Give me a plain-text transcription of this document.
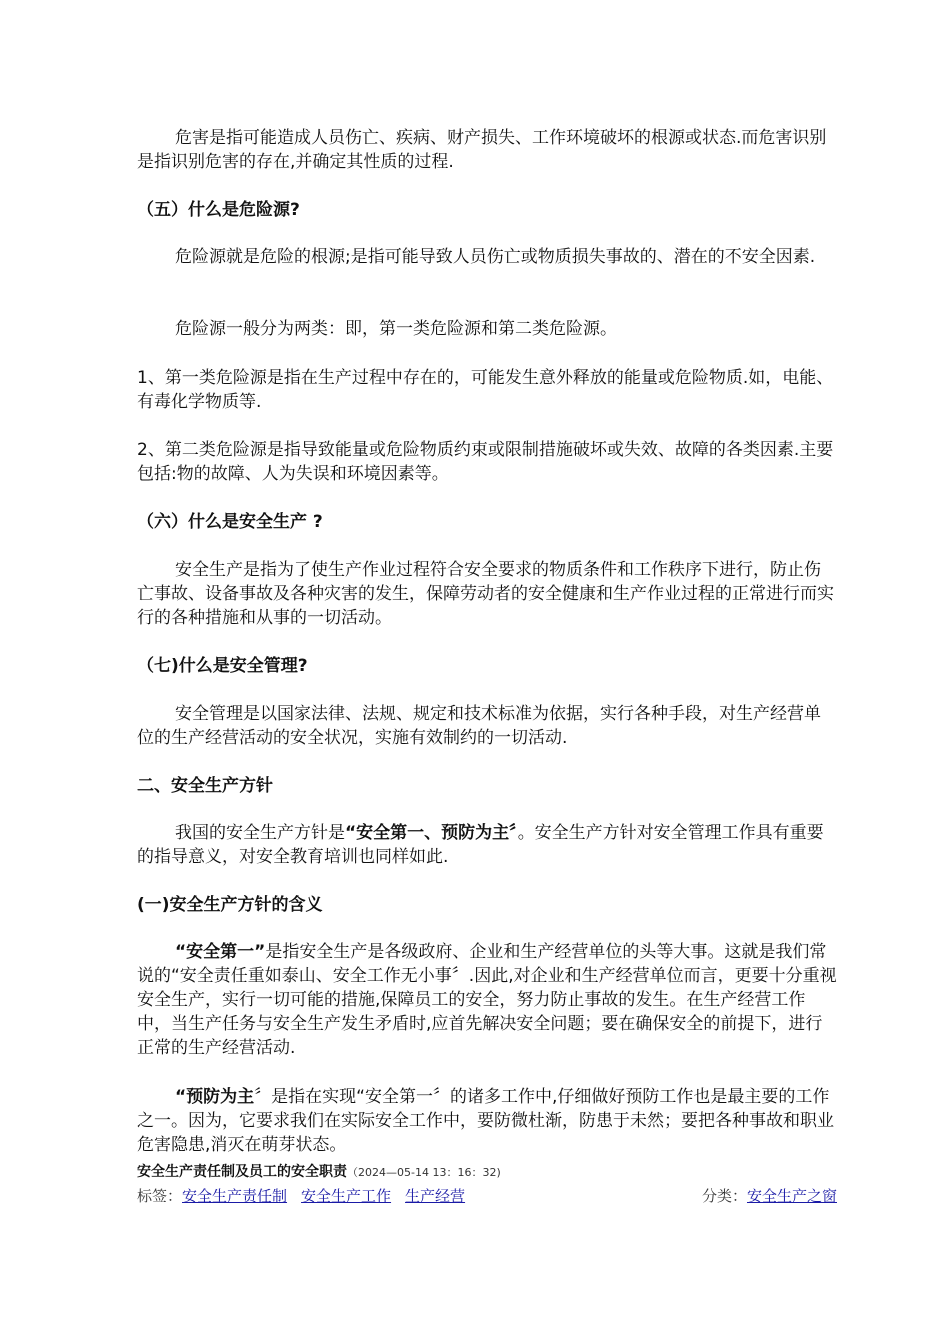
危害是指可能造成人员伤亡、疾病、财产损失、工作环境破坏的根源或状态.而危害识别是指识别危害的存在,并确定其性质的过程.

（五）什么是危险源?

危险源就是危险的根源;是指可能导致人员伤亡或物质损失事故的、潜在的不安全因素.

危险源一般分为两类：即，第一类危险源和第二类危险源。

1、第一类危险源是指在生产过程中存在的，可能发生意外释放的能量或危险物质.如，电能、有毒化学物质等.

2、第二类危险源是指导致能量或危险物质约束或限制措施破坏或失效、故障的各类因素.主要包括:物的故障、人为失误和环境因素等。

（六）什么是安全生产 ?

安全生产是指为了使生产作业过程符合安全要求的物质条件和工作秩序下进行，防止伤亡事故、设备事故及各种灾害的发生，保障劳动者的安全健康和生产作业过程的正常进行而实行的各种措施和从事的一切活动。

（七)什么是安全管理?

安全管理是以国家法律、法规、规定和技术标准为依据，实行各种手段，对生产经营单位的生产经营活动的安全状况，实施有效制约的一切活动.

二、安全生产方针

我国的安全生产方针是“安全第一、预防为主〞。安全生产方针对安全管理工作具有重要的指导意义，对安全教育培训也同样如此.

(一)安全生产方针的含义

“安全第一”是指安全生产是各级政府、企业和生产经营单位的头等大事。这就是我们常说的“安全责任重如泰山、安全工作无小事〞.因此,对企业和生产经营单位而言，更要十分重视安全生产，实行一切可能的措施,保障员工的安全，努力防止事故的发生。在生产经营工作中，当生产任务与安全生产发生矛盾时,应首先解决安全问题；要在确保安全的前提下，进行正常的生产经营活动.

“预防为主〞是指在实现“安全第一〞的诸多工作中,仔细做好预防工作也是最主要的工作之一。因为，它要求我们在实际安全工作中，要防微杜渐，防患于未然；要把各种事故和职业危害隐患,消灭在萌芽状态。

安全生产责任制及员工的安全职责（2024—05-14 13：16：32)
标签：安全生产责任制 安全生产工作 生产经营	分类：安全生产之窗
